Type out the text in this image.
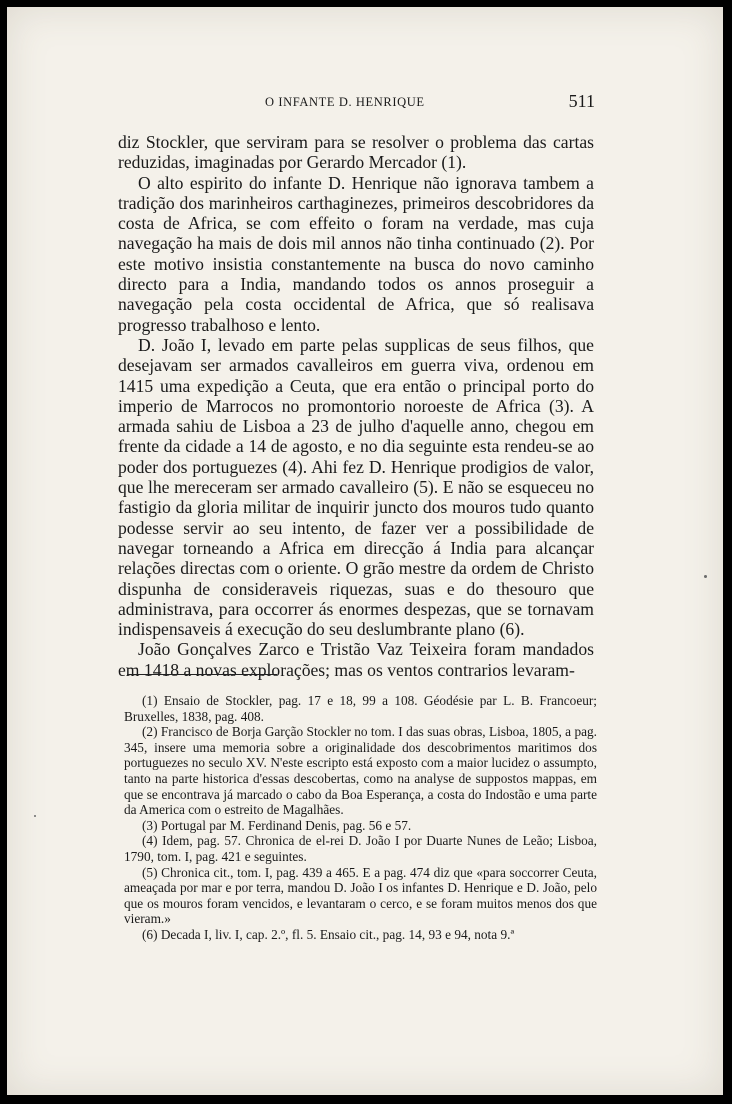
O INFANTE D. HENRIQUE	511

diz Stockler, que serviram para se resolver o problema das cartas reduzidas, imaginadas por Gerardo Mercador (1).

O alto espirito do infante D. Henrique não ignorava tambem a tradição dos marinheiros carthaginezes, primeiros descobridores da costa de Africa, se com effeito o foram na verdade, mas cuja navegação ha mais de dois mil annos não tinha continuado (2). Por este motivo insistia constantemente na busca do novo caminho directo para a India, mandando todos os annos proseguir a navegação pela costa occidental de Africa, que só realisava progresso trabalhoso e lento.

D. João I, levado em parte pelas supplicas de seus filhos, que desejavam ser armados cavalleiros em guerra viva, ordenou em 1415 uma expedição a Ceuta, que era então o principal porto do imperio de Marrocos no promontorio noroeste de Africa (3). A armada sahiu de Lisboa a 23 de julho d'aquelle anno, chegou em frente da cidade a 14 de agosto, e no dia seguinte esta rendeu-se ao poder dos portuguezes (4). Ahi fez D. Henrique prodigios de valor, que lhe mereceram ser armado cavalleiro (5). E não se esqueceu no fastigio da gloria militar de inquirir juncto dos mouros tudo quanto podesse servir ao seu intento, de fazer ver a possibilidade de navegar torneando a Africa em direcção á India para alcançar relações directas com o oriente. O grão mestre da ordem de Christo dispunha de consideraveis riquezas, suas e do thesouro que administrava, para occorrer ás enormes despezas, que se tornavam indispensaveis á execução do seu deslumbrante plano (6).

João Gonçalves Zarco e Tristão Vaz Teixeira foram mandados em 1418 a novas explorações; mas os ventos contrarios levaram-

(1) Ensaio de Stockler, pag. 17 e 18, 99 a 108. Géodésie par L. B. Francoeur; Bruxelles, 1838, pag. 408.

(2) Francisco de Borja Garção Stockler no tom. I das suas obras, Lisboa, 1805, a pag. 345, insere uma memoria sobre a originalidade dos descobrimentos maritimos dos portuguezes no seculo XV. N'este escripto está exposto com a maior lucidez o assumpto, tanto na parte historica d'essas descobertas, como na analyse de suppostos mappas, em que se encontrava já marcado o cabo da Boa Esperança, a costa do Indostão e uma parte da America com o estreito de Magalhães.

(3) Portugal par M. Ferdinand Denis, pag. 56 e 57.

(4) Idem, pag. 57. Chronica de el-rei D. João I por Duarte Nunes de Leão; Lisboa, 1790, tom. I, pag. 421 e seguintes.

(5) Chronica cit., tom. I, pag. 439 a 465. E a pag. 474 diz que «para soccorrer Ceuta, ameaçada por mar e por terra, mandou D. João I os infantes D. Henrique e D. João, pelo que os mouros foram vencidos, e levantaram o cerco, e se foram muitos menos dos que vieram.»

(6) Decada I, liv. I, cap. 2.º, fl. 5. Ensaio cit., pag. 14, 93 e 94, nota 9.ª
